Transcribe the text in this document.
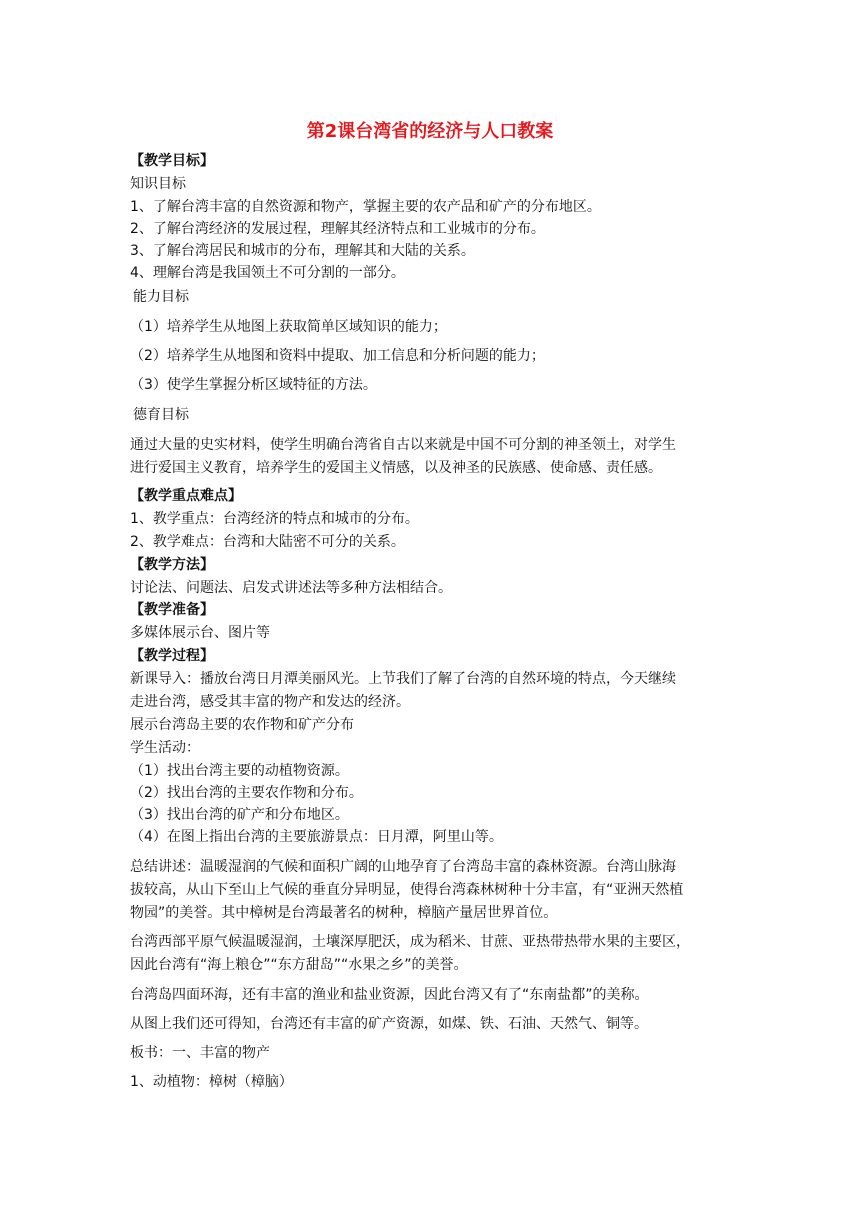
第2课台湾省的经济与人口教案
【教学目标】
知识目标
1、了解台湾丰富的自然资源和物产，掌握主要的农产品和矿产的分布地区。
2、了解台湾经济的发展过程，理解其经济特点和工业城市的分布。
3、了解台湾居民和城市的分布，理解其和大陆的关系。
4、理解台湾是我国领土不可分割的一部分。
能力目标
（1）培养学生从地图上获取简单区域知识的能力；
（2）培养学生从地图和资料中提取、加工信息和分析问题的能力；
（3）使学生掌握分析区域特征的方法。
德育目标
通过大量的史实材料，使学生明确台湾省自古以来就是中国不可分割的神圣领土，对学生
进行爱国主义教育，培养学生的爱国主义情感，以及神圣的民族感、使命感、责任感。
【教学重点难点】
1、教学重点：台湾经济的特点和城市的分布。
2、教学难点：台湾和大陆密不可分的关系。
【教学方法】
讨论法、问题法、启发式讲述法等多种方法相结合。
【教学准备】
多媒体展示台、图片等
【教学过程】
新课导入：播放台湾日月潭美丽风光。上节我们了解了台湾的自然环境的特点，今天继续
走进台湾，感受其丰富的物产和发达的经济。
展示台湾岛主要的农作物和矿产分布
学生活动：
（1）找出台湾主要的动植物资源。
（2）找出台湾的主要农作物和分布。
（3）找出台湾的矿产和分布地区。
（4）在图上指出台湾的主要旅游景点：日月潭，阿里山等。
总结讲述：温暖湿润的气候和面积广阔的山地孕育了台湾岛丰富的森林资源。台湾山脉海
拔较高，从山下至山上气候的垂直分异明显，使得台湾森林树种十分丰富，有“亚洲天然植
物园”的美誉。其中樟树是台湾最著名的树种，樟脑产量居世界首位。
台湾西部平原气候温暖湿润，土壤深厚肥沃，成为稻米、甘蔗、亚热带热带水果的主要区，
因此台湾有“海上粮仓”“东方甜岛”“水果之乡”的美誉。
台湾岛四面环海，还有丰富的渔业和盐业资源，因此台湾又有了“东南盐都”的美称。
从图上我们还可得知，台湾还有丰富的矿产资源，如煤、铁、石油、天然气、铜等。
板书：一、丰富的物产
1、动植物：樟树（樟脑）
